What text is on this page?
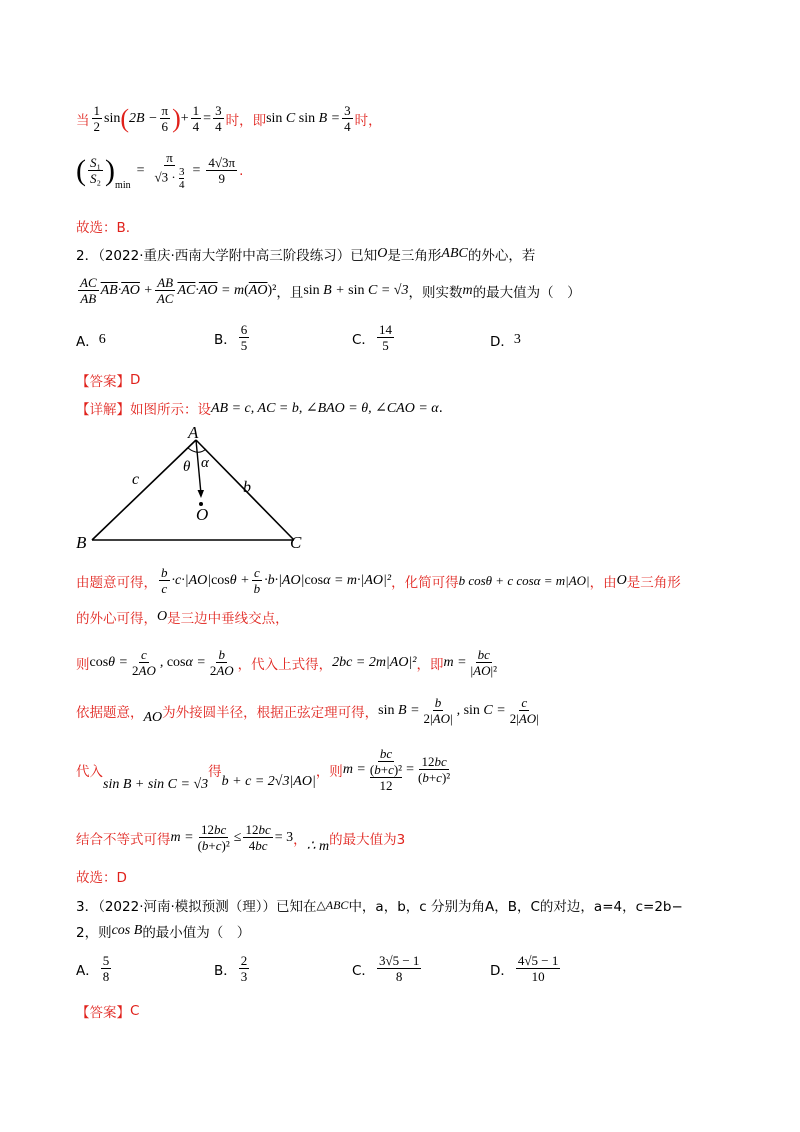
当 $\frac{1}{2}$ sin ( $2B - \frac{\pi}{6}$ ) + $\frac{1}{4} = \frac{3}{4}$ 时，即 sin C $\sin B = \frac{3}{4}$ 时，
( $\frac{\text{S₁}}{\text{S₂}}$ ) min
= $\frac{\pi}{√3 \cdot \frac{3}{4}} = \frac{4√3\pi}{9}$ .
故选：B.
2．（2022·重庆·西南大学附中高三阶段练习）已知 O 是三角形 ABC 的外心，若
$\frac{AC}{AB} \overline{AB}\cdot\overline{AO} + \frac{AB}{AC} \overline{AC}\cdot\overline{AO} = m(\overline{AO})^2$ ，且 sin B + sin C = √3 ，则实数 m 的最大值为（　）
A． 6	B． $\frac{6}{5}$	C． $\frac{14}{5}$	D． 3
【答案】 D
【详解】 如图所示：设 AB = c, AC = b, ∠BAO = θ, ∠CAO = α .
A
B	C
O
c	b
θ α
由题意可得， $\frac{b}{c} \cdot c\cdot|AO|\cos\theta + \frac{c}{b} \cdot b\cdot|AO|\cos\alpha = m\cdot|AO|^2$ ，化简可得 b cosθ + c cosα = m|AO| ，由 O 是三角形
的外心可得， O 是三边中垂线交点，
则 $\cos\theta = \frac{c}{2AO}$ , $\cos\alpha = \frac{b}{2AO}$ ，代入上式得， 2bc = 2m|AO|² ，即 $m = \frac{bc}{\text{|AO|²}}$
依据题意， AO 为外接圆半径，根据正弦定理可得， $\sin B = \frac{b}{2|AO|}$ , $\sin C = \frac{c}{2|AO|}$
代入
sin B + sin C = √3
得
b + c = 2√3|AO|
，则 $m = \frac{bc}{\frac{\text{(b+c)²}}{12}} = \frac{12bc}{\text{(b+c)²}}$
结合不等式可得 $m = \frac{12bc}{\text{(b+c)²}} \le \frac{12bc}{4bc} = 3$ ， ∴ m 的最大值为3
故选：D
3．（2022·河南·模拟预测（理））已知在 △ABC 中，a，b，c 分别为角A，B，C的对边，a=4，c=2b−
2，则 cos B 的最小值为（　）
A． $\frac{5}{8}$	B． $\frac{2}{3}$	C． $\frac{3√5 - 1}{8}$	D． $\frac{4√5 - 1}{10}$
【答案】 C
